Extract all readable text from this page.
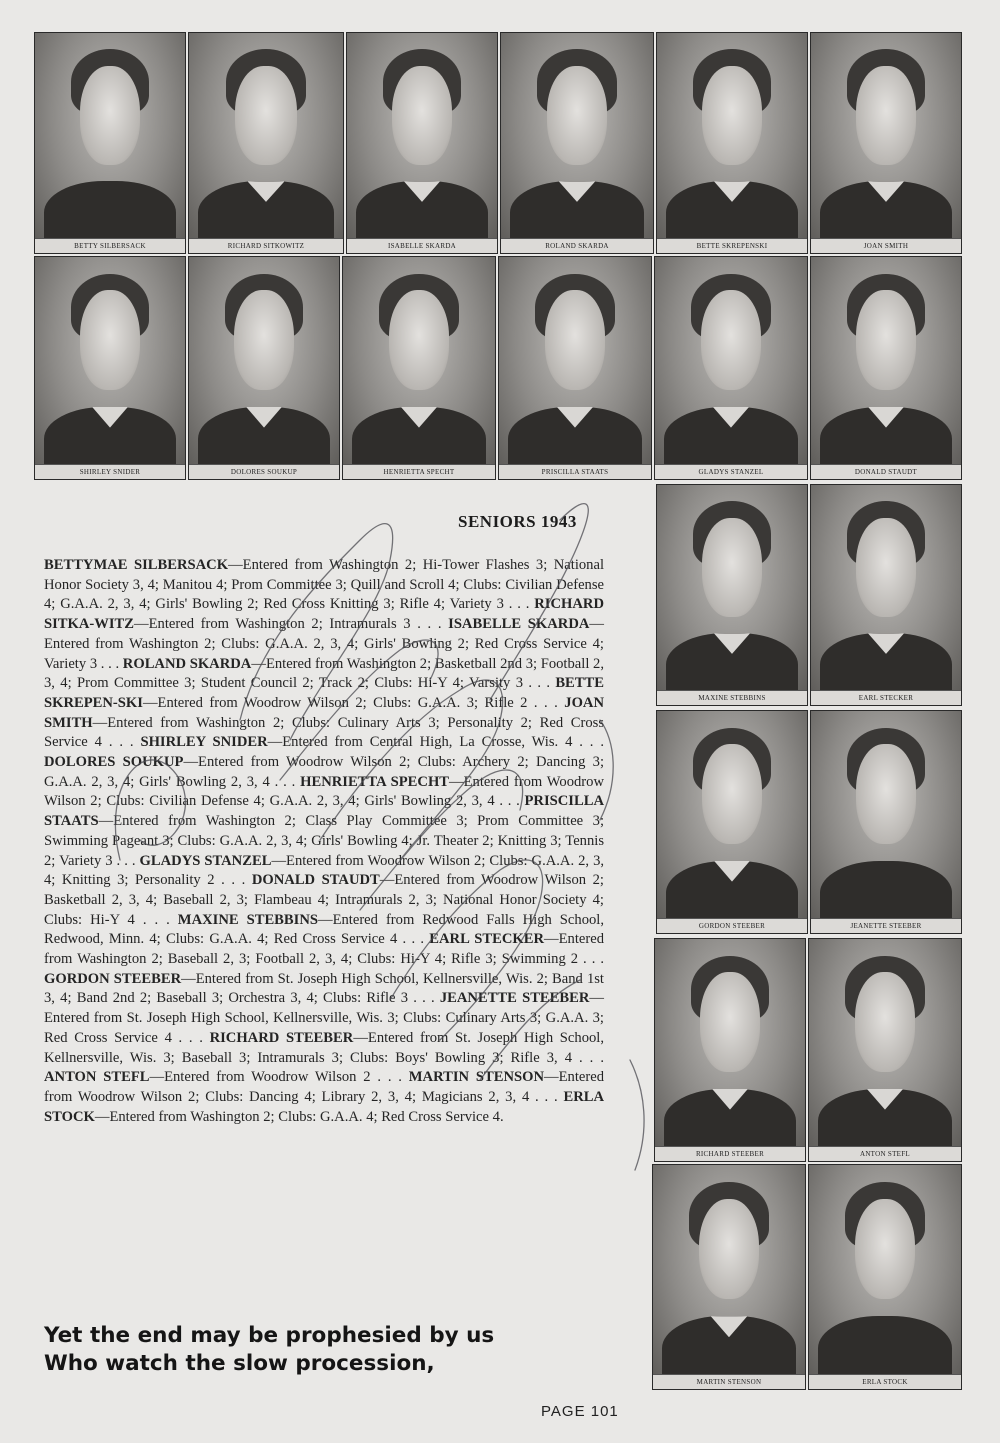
BETTY SILBERSACK	RICHARD SITKOWITZ	ISABELLE SKARDA	ROLAND SKARDA	BETTE SKREPENSKI	JOAN SMITH
SHIRLEY SNIDER	DOLORES SOUKUP	HENRIETTA SPECHT	PRISCILLA STAATS	GLADYS STANZEL	DONALD STAUDT
MAXINE STEBBINS	EARL STECKER
GORDON STEEBER	JEANETTE STEEBER
RICHARD STEEBER	ANTON STEFL
MARTIN STENSON	ERLA STOCK
SENIORS 1943
BETTYMAE SILBERSACK—Entered from Washington 2; Hi-Tower Flashes 3; National Honor Society 3, 4; Manitou 4; Prom Committee 3; Quill and Scroll 4; Clubs: Civilian Defense 4; G.A.A. 2, 3, 4; Girls' Bowling 2; Red Cross Knitting 3; Rifle 4; Variety 3 . . . RICHARD SITKA-WITZ—Entered from Washington 2; Intramurals 3 . . . ISABELLE SKARDA—Entered from Washington 2; Clubs: G.A.A. 2, 3, 4; Girls' Bowling 2; Red Cross Service 4; Variety 3 . . . ROLAND SKARDA—Entered from Washington 2; Basketball 2nd 3; Football 2, 3, 4; Prom Committee 3; Student Council 2; Track 2; Clubs: Hi-Y 4; Varsity 3 . . . BETTE SKREPEN-SKI—Entered from Woodrow Wilson 2; Clubs: G.A.A. 3; Rifle 2 . . . JOAN SMITH—Entered from Washington 2; Clubs: Culinary Arts 3; Personality 2; Red Cross Service 4 . . . SHIRLEY SNIDER—Entered from Central High, La Crosse, Wis. 4 . . . DOLORES SOUKUP—Entered from Woodrow Wilson 2; Clubs: Archery 2; Dancing 3; G.A.A. 2, 3, 4; Girls' Bowling 2, 3, 4 . . . HENRIETTA SPECHT—Entered from Woodrow Wilson 2; Clubs: Civilian Defense 4; G.A.A. 2, 3, 4; Girls' Bowling 2, 3, 4 . . . PRISCILLA STAATS—Entered from Washington 2; Class Play Committee 3; Prom Committee 3; Swimming Pageant 3; Clubs: G.A.A. 2, 3, 4; Girls' Bowling 4; Jr. Theater 2; Knitting 3; Tennis 2; Variety 3 . . . GLADYS STANZEL—Entered from Woodrow Wilson 2; Clubs: G.A.A. 2, 3, 4; Knitting 3; Personality 2 . . . DONALD STAUDT—Entered from Woodrow Wilson 2; Basketball 2, 3, 4; Baseball 2, 3; Flambeau 4; Intramurals 2, 3; National Honor Society 4; Clubs: Hi-Y 4 . . . MAXINE STEBBINS—Entered from Redwood Falls High School, Redwood, Minn. 4; Clubs: G.A.A. 4; Red Cross Service 4 . . . EARL STECKER—Entered from Washington 2; Baseball 2, 3; Football 2, 3, 4; Clubs: Hi-Y 4; Rifle 3; Swimming 2 . . . GORDON STEEBER—Entered from St. Joseph High School, Kellnersville, Wis. 2; Band 1st 3, 4; Band 2nd 2; Baseball 3; Orchestra 3, 4; Clubs: Rifle 3 . . . JEANETTE STEEBER—Entered from St. Joseph High School, Kellnersville, Wis. 3; Clubs: Culinary Arts 3; G.A.A. 3; Red Cross Service 4 . . . RICHARD STEEBER—Entered from St. Joseph High School, Kellnersville, Wis. 3; Baseball 3; Intramurals 3; Clubs: Boys' Bowling 3; Rifle 3, 4 . . . ANTON STEFL—Entered from Woodrow Wilson 2 . . . MARTIN STENSON—Entered from Woodrow Wilson 2; Clubs: Dancing 4; Library 2, 3, 4; Magicians 2, 3, 4 . . . ERLA STOCK—Entered from Washington 2; Clubs: G.A.A. 4; Red Cross Service 4.
Yet the end may be prophesied by us
Who watch the slow procession,
PAGE 101
